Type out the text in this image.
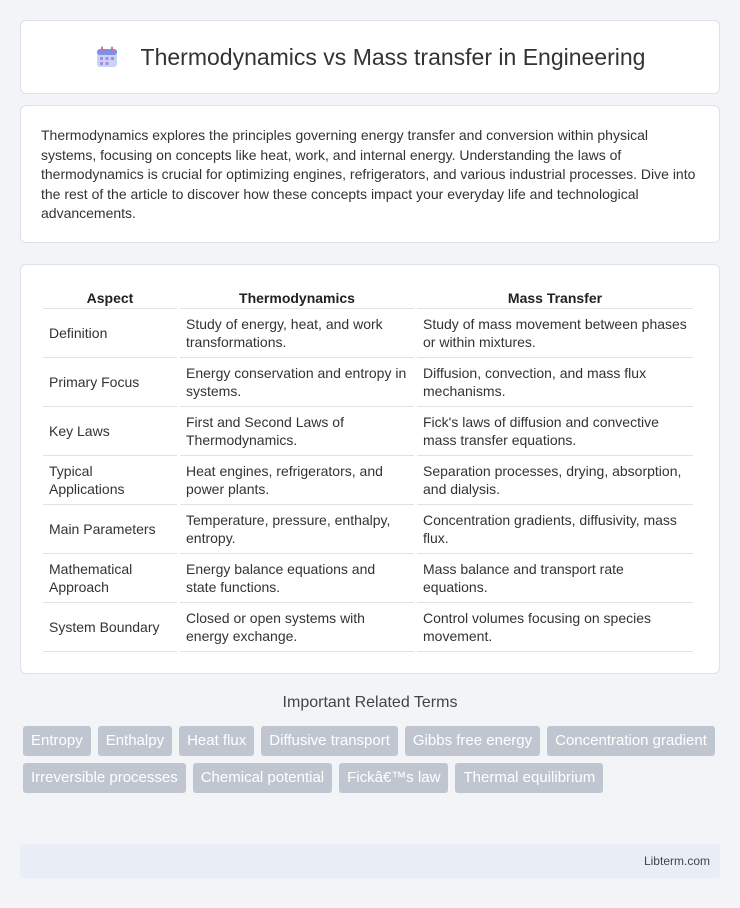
Thermodynamics vs Mass transfer in Engineering

Thermodynamics explores the principles governing energy transfer and conversion within physical systems, focusing on concepts like heat, work, and internal energy. Understanding the laws of thermodynamics is crucial for optimizing engines, refrigerators, and various industrial processes. Dive into the rest of the article to discover how these concepts impact your everyday life and technological advancements.

Aspect	Thermodynamics	Mass Transfer
Definition	Study of energy, heat, and work transformations.	Study of mass movement between phases or within mixtures.
Primary Focus	Energy conservation and entropy in systems.	Diffusion, convection, and mass flux mechanisms.
Key Laws	First and Second Laws of Thermodynamics.	Fick's laws of diffusion and convective mass transfer equations.
Typical Applications	Heat engines, refrigerators, and power plants.	Separation processes, drying, absorption, and dialysis.
Main Parameters	Temperature, pressure, enthalpy, entropy.	Concentration gradients, diffusivity, mass flux.
Mathematical Approach	Energy balance equations and state functions.	Mass balance and transport rate equations.
System Boundary	Closed or open systems with energy exchange.	Control volumes focusing on species movement.
Important Related Terms
Entropy	Enthalpy	Heat flux	Diffusive transport	Gibbs free energy	Concentration gradient
Irreversible processes	Chemical potential	Fickâ€™s law	Thermal equilibrium
Libterm.com
